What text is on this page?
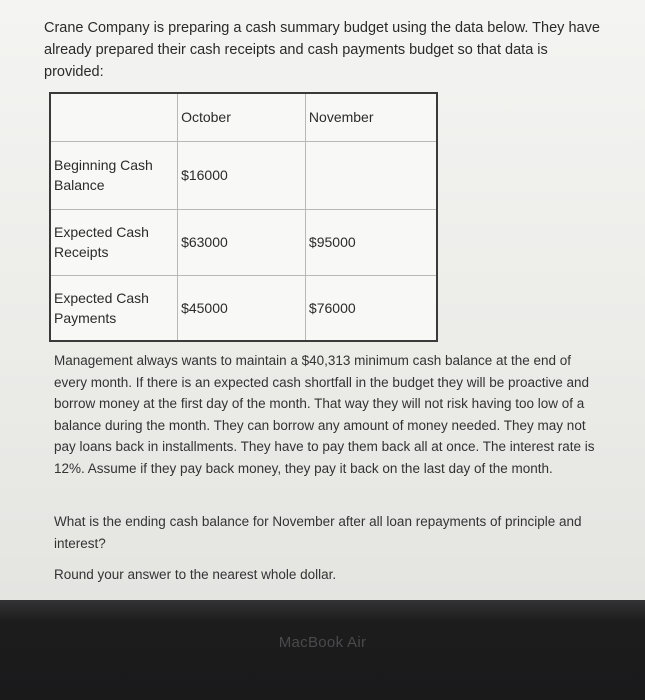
Crane Company is preparing a cash summary budget using the data below. They have already prepared their cash receipts and cash payments budget so that data is provided:

	October	November
Beginning Cash Balance	$16000	
Expected Cash Receipts	$63000	$95000
Expected Cash Payments	$45000	$76000

Management always wants to maintain a $40,313 minimum cash balance at the end of every month. If there is an expected cash shortfall in the budget they will be proactive and borrow money at the first day of the month. That way they will not risk having too low of a balance during the month. They can borrow any amount of money needed. They may not pay loans back in installments. They have to pay them back all at once. The interest rate is 12%. Assume if they pay back money, they pay it back on the last day of the month.

What is the ending cash balance for November after all loan repayments of principle and interest?

Round your answer to the nearest whole dollar.

MacBook Air
